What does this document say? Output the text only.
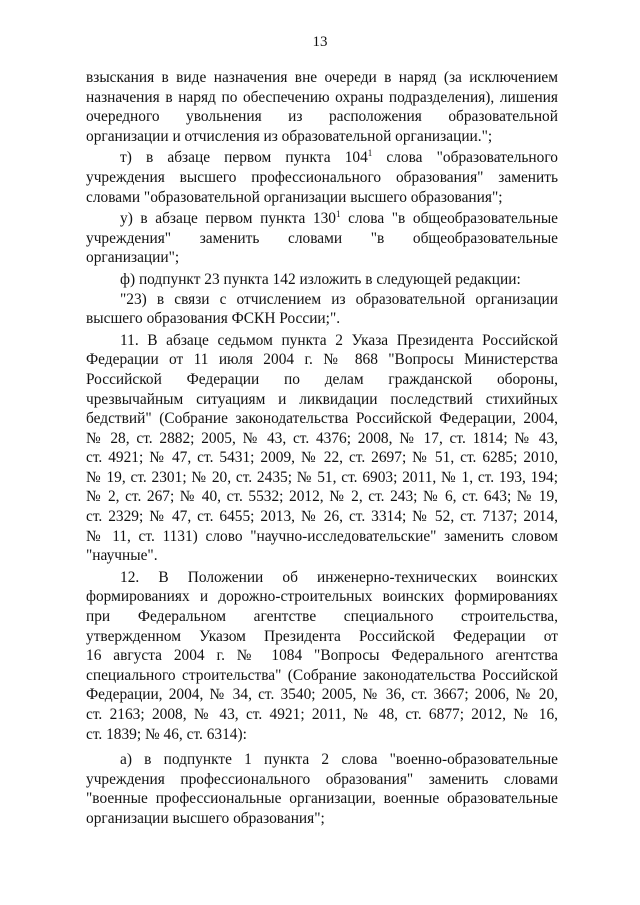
13

взыскания в виде назначения вне очереди в наряд (за исключением
назначения в наряд по обеспечению охраны подразделения), лишения
очередного увольнения из расположения образовательной
организации и отчисления из образовательной организации.";

т) в абзаце первом пункта $104^1$ слова "образовательного
учреждения высшего профессионального образования" заменить
словами "образовательной организации высшего образования";

у) в абзаце первом пункта $130^1$ слова "в общеобразовательные
учреждения" заменить словами "в общеобразовательные
организации";

ф) подпункт 23 пункта 142 изложить в следующей редакции:

"23) в связи с отчислением из образовательной организации
высшего образования ФСКН России;".

11. В абзаце седьмом пункта 2 Указа Президента Российской
Федерации от 11 июля 2004 г. № 868 "Вопросы Министерства
Российской Федерации по делам гражданской обороны,
чрезвычайным ситуациям и ликвидации последствий стихийных
бедствий" (Собрание законодательства Российской Федерации, 2004,
№ 28, ст. 2882; 2005, № 43, ст. 4376; 2008, № 17, ст. 1814; № 43,
ст. 4921; № 47, ст. 5431; 2009, № 22, ст. 2697; № 51, ст. 6285; 2010,
№ 19, ст. 2301; № 20, ст. 2435; № 51, ст. 6903; 2011, № 1, ст. 193, 194;
№ 2, ст. 267; № 40, ст. 5532; 2012, № 2, ст. 243; № 6, ст. 643; № 19,
ст. 2329; № 47, ст. 6455; 2013, № 26, ст. 3314; № 52, ст. 7137; 2014,
№ 11, ст. 1131) слово "научно-исследовательские" заменить словом
"научные".

12. В Положении об инженерно-технических воинских
формированиях и дорожно-строительных воинских формированиях
при Федеральном агентстве специального строительства,
утвержденном Указом Президента Российской Федерации от
16 августа 2004 г. № 1084 "Вопросы Федерального агентства
специального строительства" (Собрание законодательства Российской
Федерации, 2004, № 34, ст. 3540; 2005, № 36, ст. 3667; 2006, № 20,
ст. 2163; 2008, № 43, ст. 4921; 2011, № 48, ст. 6877; 2012, № 16,
ст. 1839; № 46, ст. 6314):

а) в подпункте 1 пункта 2 слова "военно-образовательные
учреждения профессионального образования" заменить словами
"военные профессиональные организации, военные образовательные
организации высшего образования";
